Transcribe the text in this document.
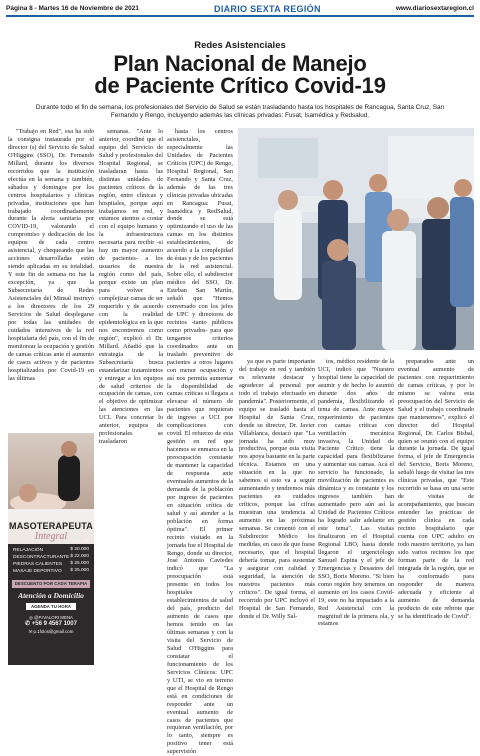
Página 8 - Martes 16 de Noviembre de 2021	DIARIO SEXTA REGIÓN	www.diariosextaregion.cl
Redes Asistenciales
Plan Nacional de Manejo
de Paciente Crítico Covid-19
Durante todo el fin de semana, los profesionales del Servicio de Salud se están trasladando hasta los hospitales de Rancagua, Santa Cruz, San Fernando y Rengo, incluyendo además las clínicas privadas: Fusat, Isamédica y Redsalud.

"Trabajo en Red", esa ha sido la consigna instaurada por el director (s) del Servicio de Salud O'Higgins (SSO), Dr. Fernando Millard, durante los diversos recorridos que la institución efectúa en la semana y también, sábados y domingos por los centros hospitalarios y clínicas privadas, instituciones que han trabajado coordinadamente durante la alerta sanitaria por COVID-19, valorando el compromiso y dedicación de los equipos de cada centro asistencial, y chequeando que las acciones desarrolladas estén siendo aplicadas en su totalidad. Y este fin de semana no fue la excepción, ya que la Subsecretaría de Redes Asistenciales del Minsal instruyó a los directores de los 29 Servicios de Salud desplegarse por todas las unidades de cuidados intensivos de la red hospitalaria del país, con el fin de monitorear la ocupación y gestión de camas críticas ante el aumento de casos activos y de pacientes hospitalizados por Covid-19 en las últimas

semanas. "Ante lo anterior, coordiné que el equipo del Servicio de Salud y profesionales del Hospital Regional, se trasladaran hasta las distintas unidades de pacientes críticos de la región, entre clínicas y hospitales, porque aquí trabajamos en red, y estamos atentos a contar con el equipo humano y la infraestructura necesaria para recibir -si hay un mayor aumento de pacientes- a los usuarios de nuestra región como del país, porque existe un plan para volver a complejizar camas de ser requerido y de acuerdo con la realidad epidemiológica en la que nos encontremos como región", explicó el Dr. Millard. Añadió que la estrategia de la Subsecretaría busca estandarizar tratamientos y entregar a los equipos de salud criterios de ocupación de camas, con el objetivo de optimizar las atenciones en las UCI. Para concretar lo anterior, equipos de profesionales se trasladaron

hasta los centros asistenciales, especialmente las Unidades de Pacientes Críticos (UPC) de Rengo, Hospital Regional, San Fernando y Santa Cruz, además de las tres clínicas privadas ubicadas en Rancagua: Fusat, Isamédica y RedSalud, donde se está optimizando el uso de las camas en los distintos establecimientos, de acuerdo a la complejidad de éstas y de los pacientes de la red asistencial. Sobre ello, el subdirector médico del SSO, Dr. Esteban San Martín, señaló que "Hemos conversado con los jefes de UPC y directores de recintos -tanto públicos como privados- para que tengamos criterios coordinados ante un traslado preventivo de pacientes a otros lugares con menor ocupación y así nos permita aumentar la disponibilidad de camas críticas si llegara a elevarse el número de pacientes que requieran de ingreso a UCI por complicaciones con covid. El refuerzo de esta gestión en red que hacemos se enmarca en la preocupación constante de mantener la capacidad de respuesta ante eventuales aumentos de la demanda de la población por ingreso de pacientes en situación crítica de salud y así atender a la población en forma óptima". El primer recinto visitado en la jornada fue el Hospital de Rengo, donde su director, José Antonio Caviedes indicó que "La preocupación está presente en todos los hospitales y establecimientos de salud del país, producto del aumento de casos que hemos tenido en las últimas semanas y con la visita del Servicio de Salud O'Higgins para constatar el funcionamiento de los Servicios Clínicos: UPC y UTI, se vio en terreno que el Hospital de Rengo está en condiciones de responder ante un eventual aumento de casos de pacientes que requieran ventilación, por lo tanto, siempre es positivo tener está supervisión

ya que es parte importante del trabajo en red y también es relevante destacar y agradecer al personal por todo el trabajo efectuado en pandemia". Posteriormente, el equipo se trasladó hasta el Hospital de Santa Cruz, donde su director, Dr. Javier Villablanca, destacó que "La jornada ha sido muy productiva, porque esta visita nos apoya bastante en la parte técnica. Estamos en una situación en la que no sabemos si esto va a seguir aumentando y tendremos más pacientes en cuidados críticos, porque las cifras muestran una tendencia al aumento en las próximas semanas. Se comentó con el Subdirector Médico los medidas, en caso de que fuese necesario, que el hospital debería tomar, para sustentar y asegurar con calidad y seguridad, la atención de nuestros pacientes más críticos". De igual forma, el recorrido por UPC incluyó el Hospital de San Fernando, donde el Dr. Willy Sal-

tos, médico residente de la UCI, indicó que "Nuestro hospital tiene la capacidad de asumir y de hecho lo asumió durante dos años de pandemia, flexibilizando el tema de camas. Ante mayor requerimiento de pacientes con camas críticas con ventilación mecánica invasiva, la Unidad de Paciente Crítico tiene la capacidad para flexibilizarse y aumentar sus camas. Acá el servicio ha funcionado, la movilización de pacientes es dinámica y es constante y los ingresos también han aumentado pero aún así la Unidad de Pacientes Críticos ha logrado salir adelante en este tema". Las visitas finalizaron en el Hospital Regional LBO, hasta donde llegaron el urgenciólogo Samuel Espina y el jefe de Emergencias y Desastres del SSO, Boris Moreno. "Si bien como región hoy tenemos un aumento en los casos Covid-19, este no ha impactado a la Red Asistencial con la magnitud de la primera ola, y estamos

preparados ante un eventual aumento de pacientes con requerimiento de camas críticas, y por lo mismo se valora esta preocupación del Servicio de Salud y el trabajo coordinado que mantenemos", explicó el director del Hospital Regional, Dr. Carlos Bisbal, quien se reunió con el equipo durante la jornada. De igual forma, el jefe de Emergencia del Servicio, Boris Moreno, señaló luego de visitar las tres clínicas privadas, que "Este recorrido se basa en una serie de visitas de acompañamiento, que buscan entender las prácticas de gestión clínica en cada recinto hospitalario que cuenta con UPC adulto en todo nuestro territorio, ya han sido varios recintos los que forman parte de la red integrada de la región, que se ha conformado para responder de manera adecuada y eficiente al aumento de demanda producto de este rebrote que se ha identificado de Covid".

MASOTERAPEUTA
Integral
RELAJACIÓN
DESCONTRACTURANTE
PIEDRAS CALIENTES
MASAJE DEPORTIVO
VALOR
$ 20.000
$ 22.000
$ 25.000
$ 25.000
DESCUENTO POR CADA TERAPIA
Atención a Domicilio
AGENDA TU HORA
◎ @P.IVALORI MENA
✆ +56 9 4567 1007
✉ p.1folos@gmail.com
